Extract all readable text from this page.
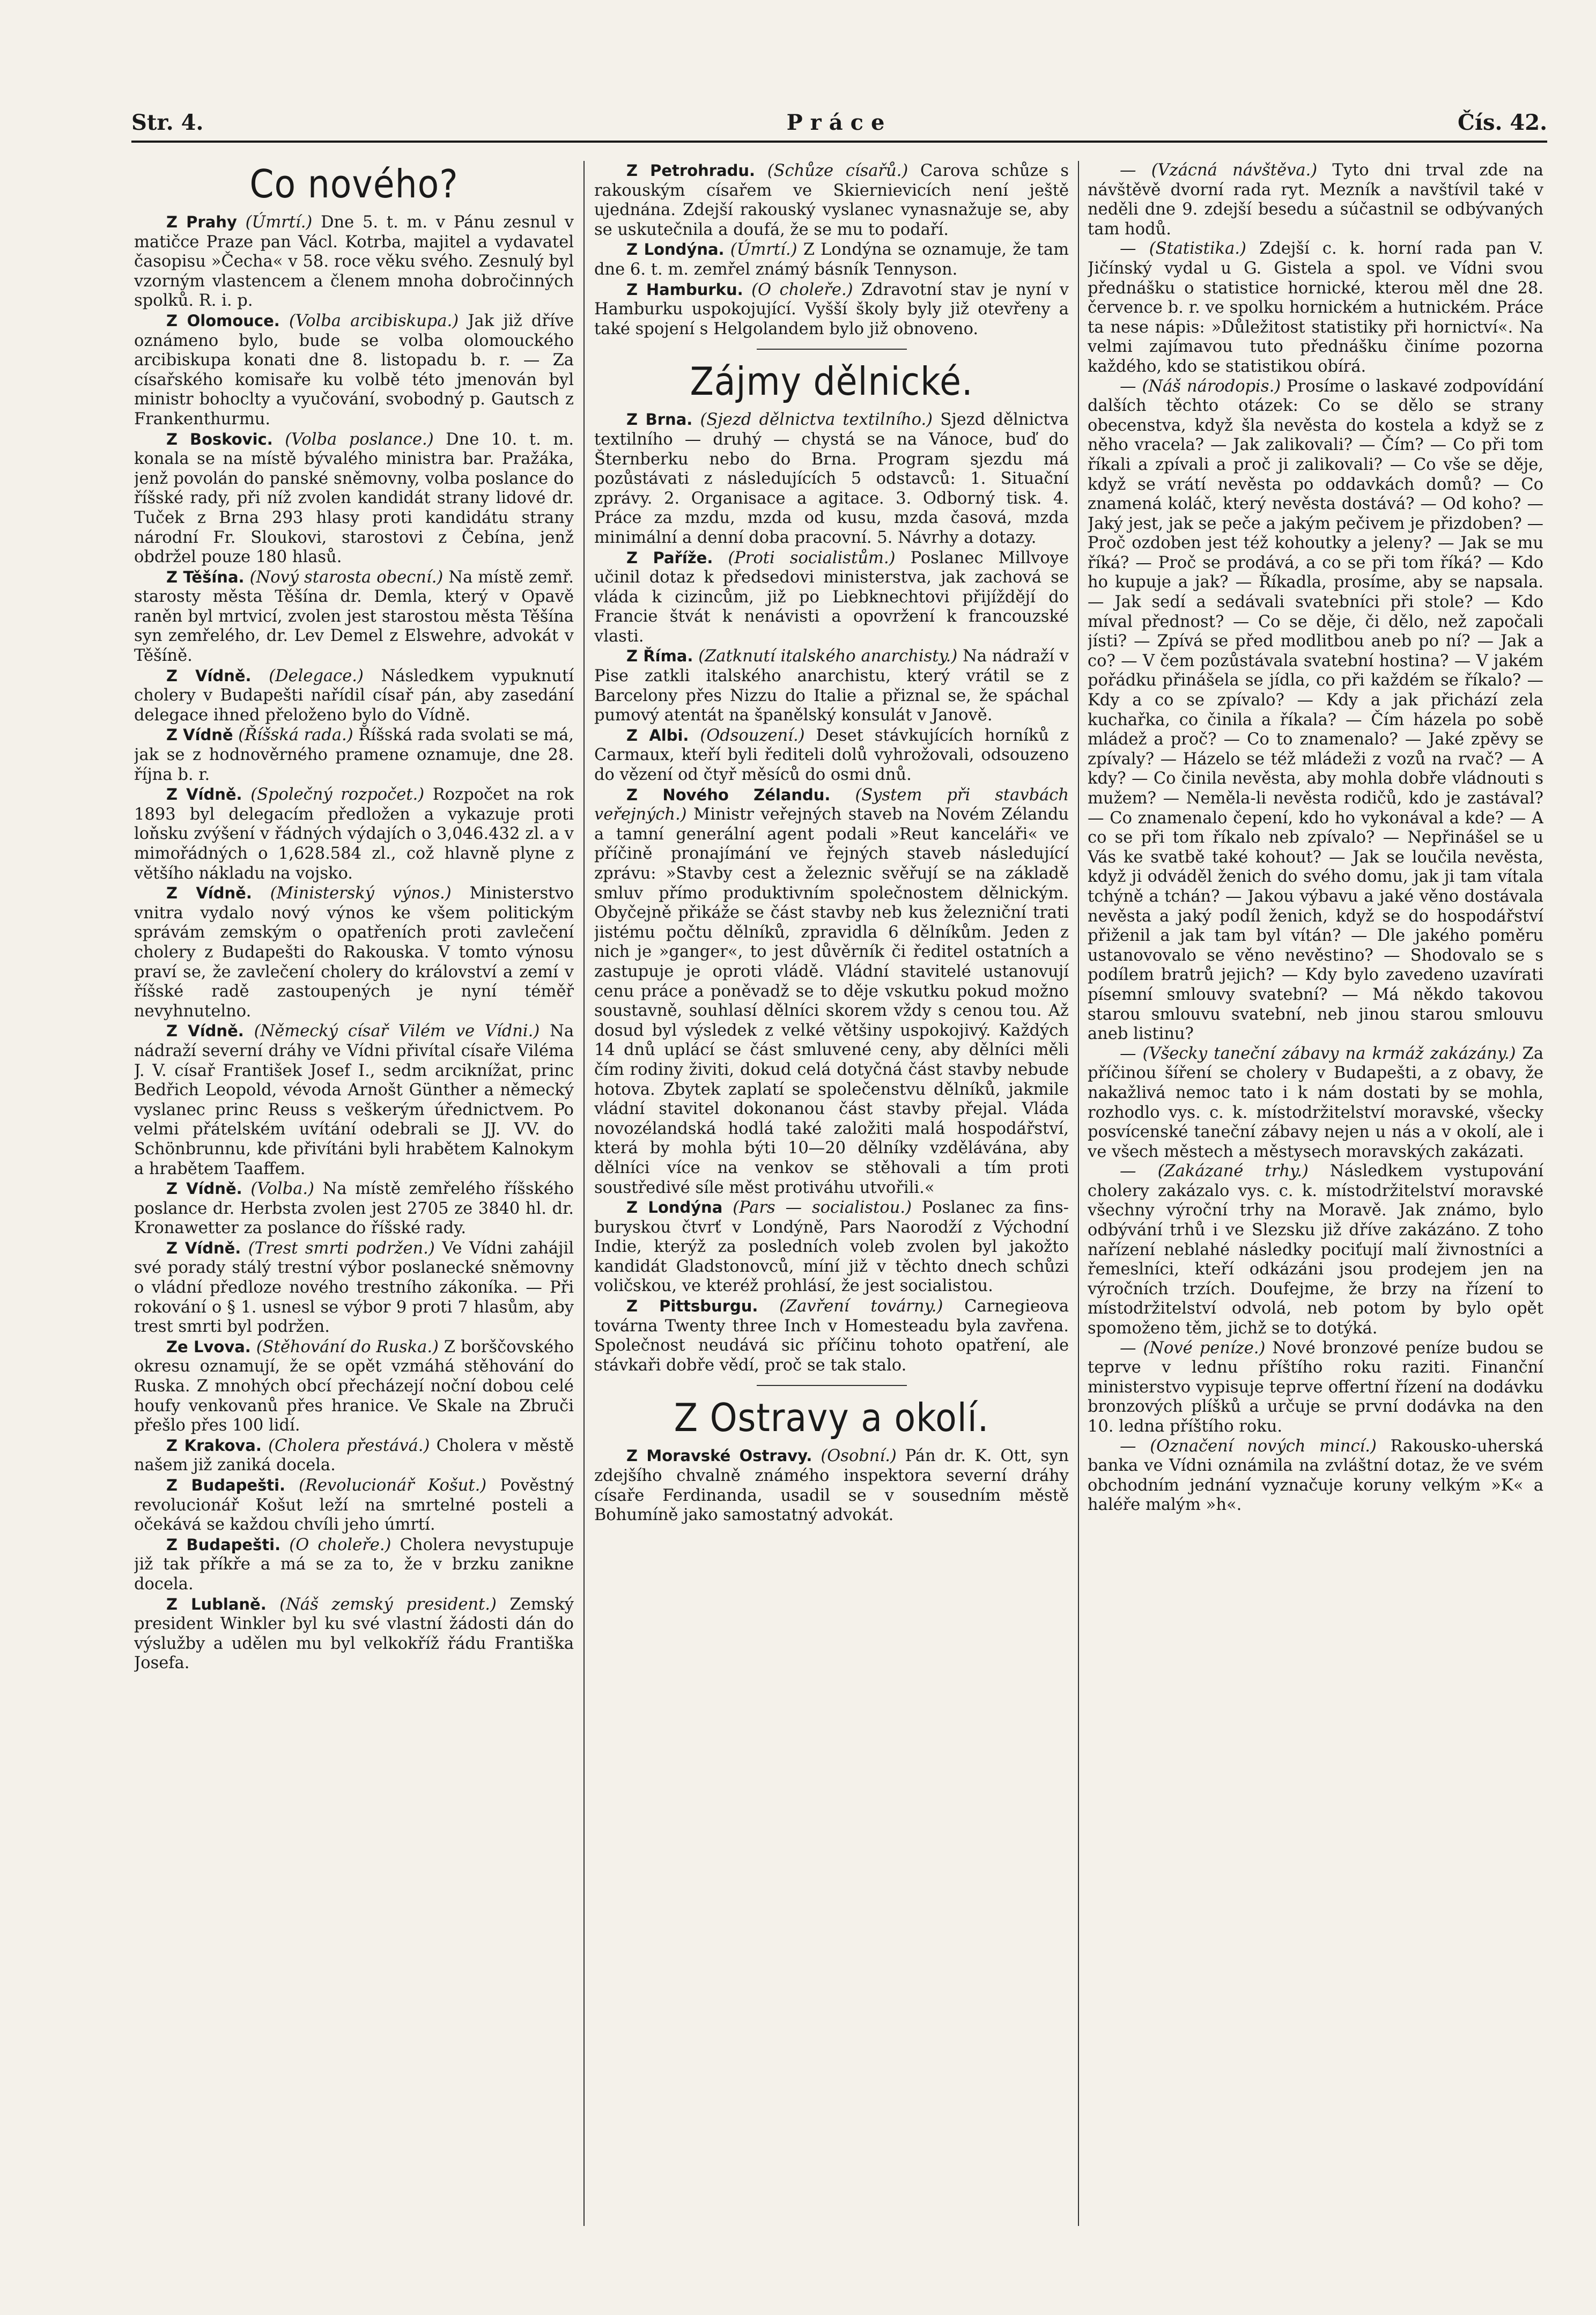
Str. 4.	Práce	Čís. 42.
Co nového?

Z Prahy (Úmrtí.) Dne 5. t. m. v Pánu zesnul v matičce Praze pan Václ. Kotrba, majitel a vydavatel časopisu »Čecha« v 58. roce věku svého. Zesnulý byl vzorným vlastencem a členem mnoha dobročinných spolků. R. i. p.

Z Olomouce. (Volba arcibiskupa.) Jak již dříve oznámeno bylo, bude se volba olomouckého arcibiskupa konati dne 8. listopadu b. r. — Za císařského komisaře ku volbě této jmenován byl ministr bohoclty a vyučování, svobodný p. Gautsch z Frankenthurmu.

Z Boskovic. (Volba poslance.) Dne 10. t. m. konala se na místě bývalého ministra bar. Pražáka, jenž povolán do panské sněmovny, volba poslance do říšské rady, při níž zvolen kandidát strany lidové dr. Tuček z Brna 293 hlasy proti kandidátu strany národní Fr. Sloukovi, starostovi z Čebína, jenž obdržel pouze 180 hlasů.

Z Těšína. (Nový starosta obecní.) Na místě zemř. starosty města Těšína dr. Demla, který v Opavě raněn byl mrtvicí, zvolen jest starostou města Těšína syn zemřelého, dr. Lev Demel z Elswehre, advokát v Těšíně.

Z Vídně. (Delegace.) Následkem vypuknutí cholery v Budapešti nařídil císař pán, aby zasedání delegace ihned přeloženo bylo do Vídně.

Z Vídně (Říšská rada.) Říšská rada svolati se má, jak se z hodnověrného pramene oznamuje, dne 28. října b. r.

Z Vídně. (Společný rozpočet.) Rozpočet na rok 1893 byl delegacím předložen a vykazuje proti loňsku zvýšení v řádných výdajích o 3,046.432 zl. a v mimořádných o 1,628.584 zl., což hlavně plyne z většího nákladu na vojsko.

Z Vídně. (Ministerský výnos.) Ministerstvo vnitra vydalo nový výnos ke všem politickým správám zemským o opatřeních proti zavlečení cholery z Budapešti do Rakouska. V tomto výnosu praví se, že zavlečení cholery do království a zemí v říšské radě zastoupených je nyní téměř nevyhnutelno.

Z Vídně. (Německý císař Vilém ve Vídni.) Na nádraží severní dráhy ve Vídni přivítal císaře Viléma J. V. císař František Josef I., sedm arciknížat, princ Bedřich Leopold, vévoda Arnošt Günther a německý vyslanec princ Reuss s veškerým úřednictvem. Po velmi přátelském uvítání odebrali se JJ. VV. do Schönbrunnu, kde přivítáni byli hrabětem Kalnokym a hrabětem Taaffem.

Z Vídně. (Volba.) Na místě zemřelého říšského poslance dr. Herbsta zvolen jest 2705 ze 3840 hl. dr. Kronawetter za poslance do říšské rady.

Z Vídně. (Trest smrti podržen.) Ve Vídni zahájil své porady stálý trestní výbor poslanecké sněmovny o vládní předloze nového trestního zákoníka. — Při rokování o § 1. usnesl se výbor 9 proti 7 hlasům, aby trest smrti byl podržen.

Ze Lvova. (Stěhování do Ruska.) Z borščovského okresu oznamují, že se opět vzmáhá stěhování do Ruska. Z mnohých obcí přecházejí noční dobou celé houfy venkovanů přes hranice. Ve Skale na Zbruči přešlo přes 100 lidí.

Z Krakova. (Cholera přestává.) Cholera v městě našem již zaniká docela.

Z Budapešti. (Revolucionář Košut.) Pověstný revolucionář Košut leží na smrtelné posteli a očekává se každou chvíli jeho úmrtí.

Z Budapešti. (O choleře.) Cholera nevystupuje již tak příkře a má se za to, že v brzku zanikne docela.

Z Lublaně. (Náš zemský president.) Zemský president Winkler byl ku své vlastní žádosti dán do výslužby a udělen mu byl velkokříž řádu Františka Josefa.

Z Petrohradu. (Schůze císařů.) Carova schůze s rakouským císařem ve Skiernievicích není ještě ujednána. Zdejší rakouský vyslanec vynasnažuje se, aby se uskutečnila a doufá, že se mu to podaří.

Z Londýna. (Úmrtí.) Z Londýna se oznamuje, že tam dne 6. t. m. zemřel známý básník Tennyson.

Z Hamburku. (O choleře.) Zdravotní stav je nyní v Hamburku uspokojující. Vyšší školy byly již otevřeny a také spojení s Helgolandem bylo již obnoveno.

Zájmy dělnické.

Z Brna. (Sjezd dělnictva textilního.) Sjezd dělnictva textilního — druhý — chystá se na Vánoce, buď do Šternberku nebo do Brna. Program sjezdu má pozůstávati z následujících 5 odstavců: 1. Situační zprávy. 2. Organisace a agitace. 3. Odborný tisk. 4. Práce za mzdu, mzda od kusu, mzda časová, mzda minimální a denní doba pracovní. 5. Návrhy a dotazy.

Z Paříže. (Proti socialistům.) Poslanec Millvoye učinil dotaz k předsedovi ministerstva, jak zachová se vláda k cizincům, již po Liebknechtovi přijíždějí do Francie štvát k nenávisti a opovržení k francouzské vlasti.

Z Říma. (Zatknutí italského anarchisty.) Na nádraží v Pise zatkli italského anarchistu, který vrátil se z Barcelony přes Nizzu do Italie a přiznal se, že spáchal pumový atentát na španělský konsulát v Janově.

Z Albi. (Odsouzení.) Deset stávkujících horníků z Carmaux, kteří byli řediteli dolů vyhrožovali, odsouzeno do vězení od čtyř měsíců do osmi dnů.

Z Nového Zélandu. (System při stavbách veřejných.) Ministr veřejných staveb na Novém Zélandu a tamní generální agent podali »Reut kanceláři« ve příčině pronajímání ve řejných staveb následující zprávu: »Stavby cest a železnic svěřují se na základě smluv přímo produktivním společnostem dělnickým. Obyčejně přikáže se část stavby neb kus železniční trati jistému počtu dělníků, zpravidla 6 dělníkům. Jeden z nich je »ganger«, to jest důvěrník či ředitel ostatních a zastupuje je oproti vládě. Vládní stavitelé ustanovují cenu práce a poněvadž se to děje vskutku pokud možno soustavně, souhlasí dělníci skorem vždy s cenou tou. Až dosud byl výsledek z velké většiny uspokojivý. Každých 14 dnů uplácí se část smluvené ceny, aby dělníci měli čím rodiny živiti, dokud celá dotyčná část stavby nebude hotova. Zbytek zaplatí se společenstvu dělníků, jakmile vládní stavitel dokonanou část stavby přejal. Vláda novozélandská hodlá také založiti malá hospodářství, která by mohla býti 10—20 dělníky vzdělávána, aby dělníci více na venkov se stěhovali a tím proti soustředivé síle měst protiváhu utvořili.«

Z Londýna (Pars — socialistou.) Poslanec za fins-buryskou čtvrť v Londýně, Pars Naorodží z Východní Indie, kterýž za posledních voleb zvolen byl jakožto kandidát Gladstonovců, míní již v těchto dnech schůzi voličskou, ve kteréž prohlásí, že jest socialistou.

Z Pittsburgu. (Zavření továrny.) Carnegieova továrna Twenty three Inch v Homesteadu byla zavřena. Společnost neudává sic příčinu tohoto opatření, ale stávkaři dobře vědí, proč se tak stalo.

Z Ostravy a okolí.

Z Moravské Ostravy. (Osobní.) Pán dr. K. Ott, syn zdejšího chvalně známého inspektora severní dráhy císaře Ferdinanda, usadil se v sousedním městě Bohumíně jako samostatný advokát.

— (Vzácná návštěva.) Tyto dni trval zde na návštěvě dvorní rada ryt. Mezník a navštívil také v neděli dne 9. zdejší besedu a súčastnil se odbývaných tam hodů.

— (Statistika.) Zdejší c. k. horní rada pan V. Jičínský vydal u G. Gistela a spol. ve Vídni svou přednášku o statistice hornické, kterou měl dne 28. července b. r. ve spolku hornickém a hutnickém. Práce ta nese nápis: »Důležitost statistiky při hornictví«. Na velmi zajímavou tuto přednášku činíme pozorna každého, kdo se statistikou obírá.

— (Náš národopis.) Prosíme o laskavé zodpovídání dalších těchto otázek: Co se dělo se strany obecenstva, když šla nevěsta do kostela a když se z něho vracela? — Jak zalikovali? — Čím? — Co při tom říkali a zpívali a proč ji zalikovali? — Co vše se děje, když se vrátí nevěsta po oddavkách domů? — Co znamená koláč, který nevěsta dostává? — Od koho? — Jaký jest, jak se peče a jakým pečivem je přizdoben? — Proč ozdoben jest též kohoutky a jeleny? — Jak se mu říká? — Proč se prodává, a co se při tom říká? — Kdo ho kupuje a jak? — Říkadla, prosíme, aby se napsala. — Jak sedí a sedávali svatebníci při stole? — Kdo míval přednost? — Co se děje, či dělo, než započali jísti? — Zpívá se před modlitbou aneb po ní? — Jak a co? — V čem pozůstávala svatební hostina? — V jakém pořádku přinášela se jídla, co při každém se říkalo? — Kdy a co se zpívalo? — Kdy a jak přichází zela kuchařka, co činila a říkala? — Čím házela po sobě mládež a proč? — Co to znamenalo? — Jaké zpěvy se zpívaly? — Házelo se též mládeži z vozů na rvač? — A kdy? — Co činila nevěsta, aby mohla dobře vládnouti s mužem? — Neměla-li nevěsta rodičů, kdo je zastával? — Co znamenalo čepení, kdo ho vykonával a kde? — A co se při tom říkalo neb zpívalo? — Nepřinášel se u Vás ke svatbě také kohout? — Jak se loučila nevěsta, když ji odváděl ženich do svého domu, jak ji tam vítala tchýně a tchán? — Jakou výbavu a jaké věno dostávala nevěsta a jaký podíl ženich, když se do hospodářství přiženil a jak tam byl vítán? — Dle jakého poměru ustanovovalo se věno nevěstino? — Shodovalo se s podílem bratrů jejich? — Kdy bylo zavedeno uzavírati písemní smlouvy svatební? — Má někdo takovou starou smlouvu svatební, neb jinou starou smlouvu aneb listinu?

— (Všecky taneční zábavy na krmáž zakázány.) Za příčinou šíření se cholery v Budapešti, a z obavy, že nakažlivá nemoc tato i k nám dostati by se mohla, rozhodlo vys. c. k. místodržitelství moravské, všecky posvícenské taneční zábavy nejen u nás a v okolí, ale i ve všech městech a městysech moravských zakázati.

— (Zakázané trhy.) Následkem vystupování cholery zakázalo vys. c. k. místodržitelství moravské všechny výroční trhy na Moravě. Jak známo, bylo odbývání trhů i ve Slezsku již dříve zakázáno. Z toho nařízení neblahé následky pociťují malí živnostníci a řemeslníci, kteří odkázáni jsou prodejem jen na výročních trzích. Doufejme, že brzy na řízení to místodržitelství odvolá, neb potom by bylo opět spomoženo těm, jichž se to dotýká.

— (Nové peníze.) Nové bronzové peníze budou se teprve v lednu příštího roku raziti. Finanční ministerstvo vypisuje teprve offertní řízení na dodávku bronzových plíšků a určuje se první dodávka na den 10. ledna příštího roku.

— (Označení nových mincí.) Rakousko-uherská banka ve Vídni oznámila na zvláštní dotaz, že ve svém obchodním jednání vyznačuje koruny velkým »K« a haléře malým »h«.
